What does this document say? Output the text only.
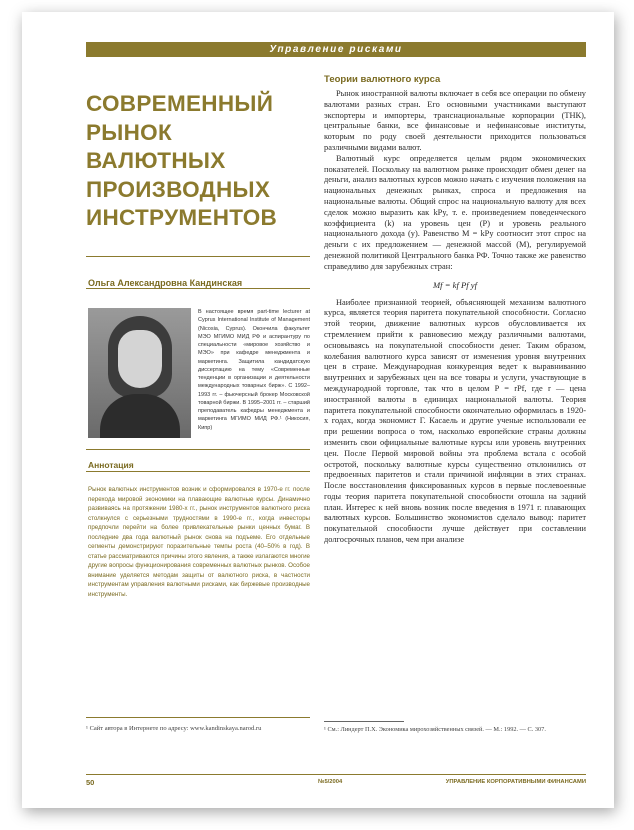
Управление рисками
СОВРЕМЕННЫЙ РЫНОК ВАЛЮТНЫХ ПРОИЗВОДНЫХ ИНСТРУМЕНТОВ
Ольга Александровна Кандинская
В настоящее время part-time lecturer at Cyprus International Institute of Management (Nicosia, Cyprus). Окончила факультет МЭО МГИМО МИД РФ и аспирантуру по специальности «мировое хозяйство и МЭО» при кафедре менеджмента и маркетинга. Защитила кандидатскую диссертацию на тему «Современные тенденции в организации и деятельности международных товарных бирж». С 1992–1993 гг. – фьючерсный брокер Московской товарной биржи. В 1995–2001 гг. – старший преподаватель кафедры менеджмента и маркетинга МГИМО МИД РФ.¹ (Никосия, Кипр)
Аннотация
Рынок валютных инструментов возник и сформировался в 1970-е гг. после перехода мировой экономики на плавающие валютные курсы. Динамично развиваясь на протяжении 1980-х гг., рынок инструментов валютного риска столкнулся с серьезными трудностями в 1990-е гг., когда инвесторы предпочли перейти на более привлекательные рынки ценных бумаг. В последние два года валютный рынок снова на подъеме. Его отдельные сегменты демонстрируют поразительные темпы роста (40–50% в год). В статье рассматриваются причины этого явления, а также излагаются многие другие вопросы функционирования современных валютных рынков. Особое внимание уделяется методам защиты от валютного риска, в частности инструментам управления валютными рисками, как биржевые производные инструменты.
¹ Сайт автора в Интернете по адресу: www.kandinskaya.narod.ru
Теории валютного курса

Рынок иностранной валюты включает в себя все операции по обмену валютами разных стран. Его основными участниками выступают экспортеры и импортеры, транснациональные корпорации (ТНК), центральные банки, все финансовые и нефинансовые институты, которым по роду своей деятельности приходится пользоваться различными видами валют.

Валютный курс определяется целым рядом экономических показателей. Поскольку на валютном рынке происходит обмен денег на деньги, анализ валютных курсов можно начать с изучения положения на национальных денежных рынках, спроса и предложения на национальные валюты. Общий спрос на национальную валюту для всех сделок можно выразить как kPy, т. е. произведением поведенческого коэффициента (k) на уровень цен (P) и уровень реального национального дохода (y). Равенство M = kPy соотносит этот спрос на деньги с их предложением — денежной массой (M), регулируемой денежной политикой Центрального банка РФ. Точно также же равенство справедливо для зарубежных стран:

Mf = kf Pf yf

Наиболее признанной теорией, объясняющей механизм валютного курса, является теория паритета покупательной способности. Согласно этой теории, движение валютных курсов обусловливается их стремлением прийти к равновесию между различными валютами, основываясь на покупательной способности денег. Таким образом, колебания валютного курса зависят от изменения уровня внутренних цен в стране. Международная конкуренция ведет к выравниванию внутренних и зарубежных цен на все товары и услуги, участвующие в международной торговле, так что в целом P = rPf, где r — цена иностранной валюты в единицах национальной валюты. Теория паритета покупательной способности окончательно оформилась в 1920-х годах, когда экономист Г. Касаель и другие ученые использовали ее при решении вопроса о том, насколько европейские страны должны изменить свои официальные валютные курсы или уровень внутренних цен. После Первой мировой войны эта проблема встала с особой остротой, поскольку валютные курсы существенно отклонились от предвоенных паритетов и стали причиной инфляции в этих странах. После восстановления фиксированных курсов в первые послевоенные годы теория паритета покупательной способности отошла на задний план. Интерес к ней вновь возник после введения в 1971 г. плавающих валютных курсов. Большинство экономистов сделало вывод: паритет покупательной способности лучше действует при составлении долгосрочных планов, чем при анализе

¹ См.: Линдерт П.Х. Экономика мирохозяйственных связей. — М.: 1992. — С. 307.
50	№5/2004	УПРАВЛЕНИЕ КОРПОРАТИВНЫМИ ФИНАНСАМИ
